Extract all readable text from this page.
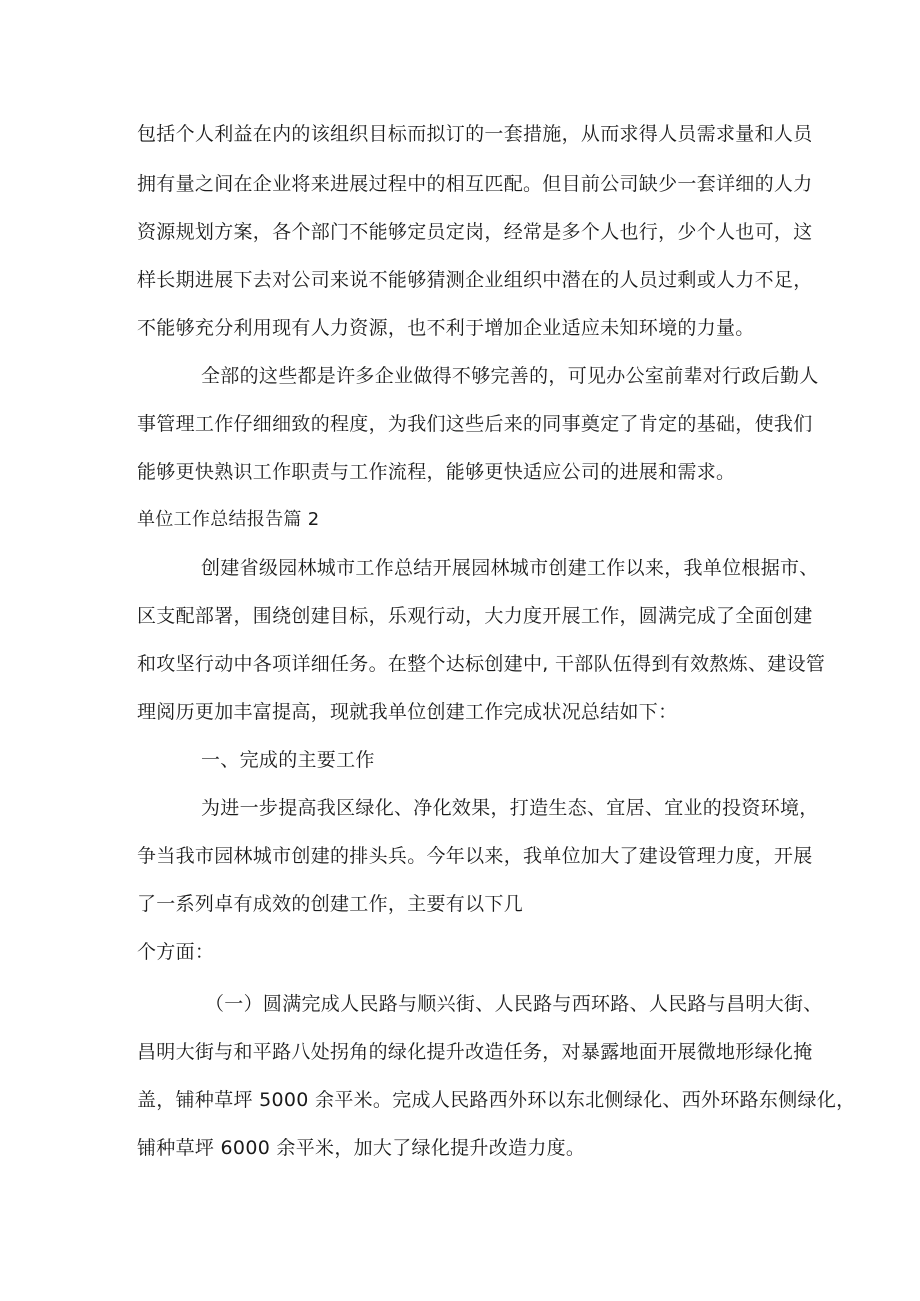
包括个人利益在内的该组织目标而拟订的一套措施，从而求得人员需求量和人员
拥有量之间在企业将来进展过程中的相互匹配。但目前公司缺少一套详细的人力
资源规划方案，各个部门不能够定员定岗，经常是多个人也行，少个人也可，这
样长期进展下去对公司来说不能够猜测企业组织中潜在的人员过剩或人力不足，
不能够充分利用现有人力资源，也不利于增加企业适应未知环境的力量。
全部的这些都是许多企业做得不够完善的，可见办公室前辈对行政后勤人
事管理工作仔细细致的程度，为我们这些后来的同事奠定了肯定的基础，使我们
能够更快熟识工作职责与工作流程，能够更快适应公司的进展和需求。
单位工作总结报告篇 2
创建省级园林城市工作总结开展园林城市创建工作以来，我单位根据市、
区支配部署，围绕创建目标，乐观行动，大力度开展工作，圆满完成了全面创建
和攻坚行动中各项详细任务。在整个达标创建中, 干部队伍得到有效熬炼、建设管
理阅历更加丰富提高，现就我单位创建工作完成状况总结如下：
一、完成的主要工作
为进一步提高我区绿化、净化效果，打造生态、宜居、宜业的投资环境，
争当我市园林城市创建的排头兵。今年以来，我单位加大了建设管理力度，开展
了一系列卓有成效的创建工作，主要有以下几
个方面：
（一）圆满完成人民路与顺兴街、人民路与西环路、人民路与昌明大街、
昌明大街与和平路八处拐角的绿化提升改造任务，对暴露地面开展微地形绿化掩
盖，铺种草坪 5000 余平米。完成人民路西外环以东北侧绿化、西外环路东侧绿化，
铺种草坪 6000 余平米，加大了绿化提升改造力度。
